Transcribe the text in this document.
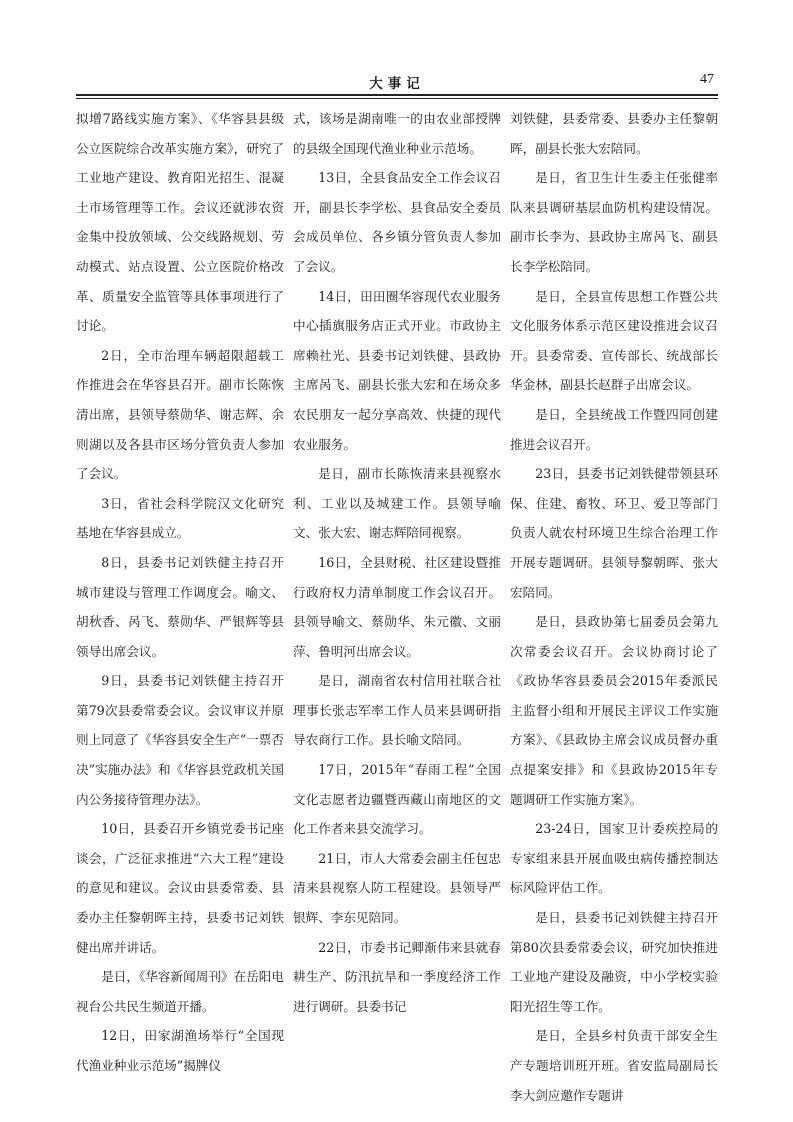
大事记	47

拟增7路线实施方案》、《华容县县级公立医院综合改革实施方案》，研究了工业地产建设、教育阳光招生、混凝土市场管理等工作。会议还就涉农资金集中投放领域、公交线路规划、劳动模式、站点设置、公立医院价格改革、质量安全监管等具体事项进行了讨论。

2日，全市治理车辆超限超载工作推进会在华容县召开。副市长陈恢清出席，县领导蔡勋华、谢志辉、余则湖以及各县市区场分管负责人参加了会议。

3日，省社会科学院汉文化研究基地在华容县成立。

8日，县委书记刘铁健主持召开城市建设与管理工作调度会。喻文、胡秋香、呙飞、蔡勋华、严银辉等县领导出席会议。

9日，县委书记刘铁健主持召开第79次县委常委会议。会议审议并原则上同意了《华容县安全生产“一票否决”实施办法》和《华容县党政机关国内公务接待管理办法》。

10日，县委召开乡镇党委书记座谈会，广泛征求推进“六大工程”建设的意见和建议。会议由县委常委、县委办主任黎朝晖主持，县委书记刘铁健出席并讲话。

是日，《华容新闻周刊》在岳阳电视台公共民生频道开播。

12日，田家湖渔场举行“全国现代渔业种业示范场”揭牌仪

式，该场是湖南唯一的由农业部授牌的县级全国现代渔业种业示范场。

13日，全县食品安全工作会议召开，副县长李学松、县食品安全委员会成员单位、各乡镇分管负责人参加了会议。

14日，田田圈华容现代农业服务中心插旗服务店正式开业。市政协主席赖社光、县委书记刘铁健、县政协主席呙飞、副县长张大宏和在场众多农民朋友一起分享高效、快捷的现代农业服务。

是日，副市长陈恢清来县视察水利、工业以及城建工作。县领导喻文、张大宏、谢志辉陪同视察。

16日，全县财税、社区建设暨推行政府权力清单制度工作会议召开。县领导喻文、蔡勋华、朱元徽、文丽萍、鲁明河出席会议。

是日，湖南省农村信用社联合社理事长张志军率工作人员来县调研指导农商行工作。县长喻文陪同。

17日，2015年“春雨工程”全国文化志愿者边疆暨西藏山南地区的文化工作者来县交流学习。

21日，市人大常委会副主任包忠清来县视察人防工程建设。县领导严银辉、李东见陪同。

22日，市委书记卿渐伟来县就春耕生产、防汛抗旱和一季度经济工作进行调研。县委书记

刘铁健，县委常委、县委办主任黎朝晖，副县长张大宏陪同。

是日，省卫生计生委主任张健率队来县调研基层血防机构建设情况。副市长李为、县政协主席呙飞、副县长李学松陪同。

是日，全县宣传思想工作暨公共文化服务体系示范区建设推进会议召开。县委常委、宣传部长、统战部长华金林，副县长赵群子出席会议。

是日，全县统战工作暨四同创建推进会议召开。

23日，县委书记刘铁健带领县环保、住建、畜牧、环卫、爱卫等部门负责人就农村环境卫生综合治理工作开展专题调研。县领导黎朝晖、张大宏陪同。

是日，县政协第七届委员会第九次常委会议召开。会议协商讨论了《政协华容县委员会2015年委派民主监督小组和开展民主评议工作实施方案》、《县政协主席会议成员督办重点提案安排》和《县政协2015年专题调研工作实施方案》。

23-24日，国家卫计委疾控局的专家组来县开展血吸虫病传播控制达标风险评估工作。

是日，县委书记刘铁健主持召开第80次县委常委会议，研究加快推进工业地产建设及融资，中小学校实验阳光招生等工作。

是日，全县乡村负责干部安全生产专题培训班开班。省安监局副局长李大剑应邀作专题讲
